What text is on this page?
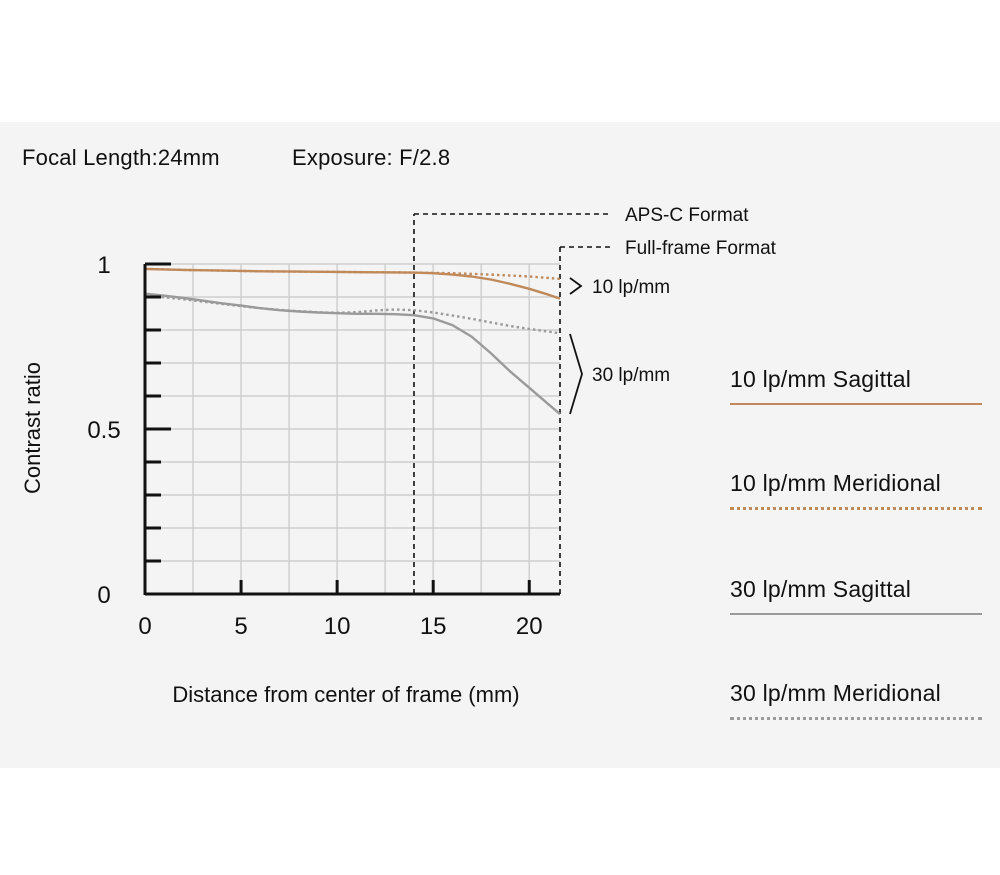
Focal Length:24mm	Exposure: F/2.8
APS-C Format
Full-frame Format
Distance from center of frame (mm)
Contrast ratio
0	5	10	15	20
0
0.5
1
10 lp/mm
30 lp/mm	10 lp/mm Sagittal
10 lp/mm Meridional
30 lp/mm Sagittal
30 lp/mm Meridional
